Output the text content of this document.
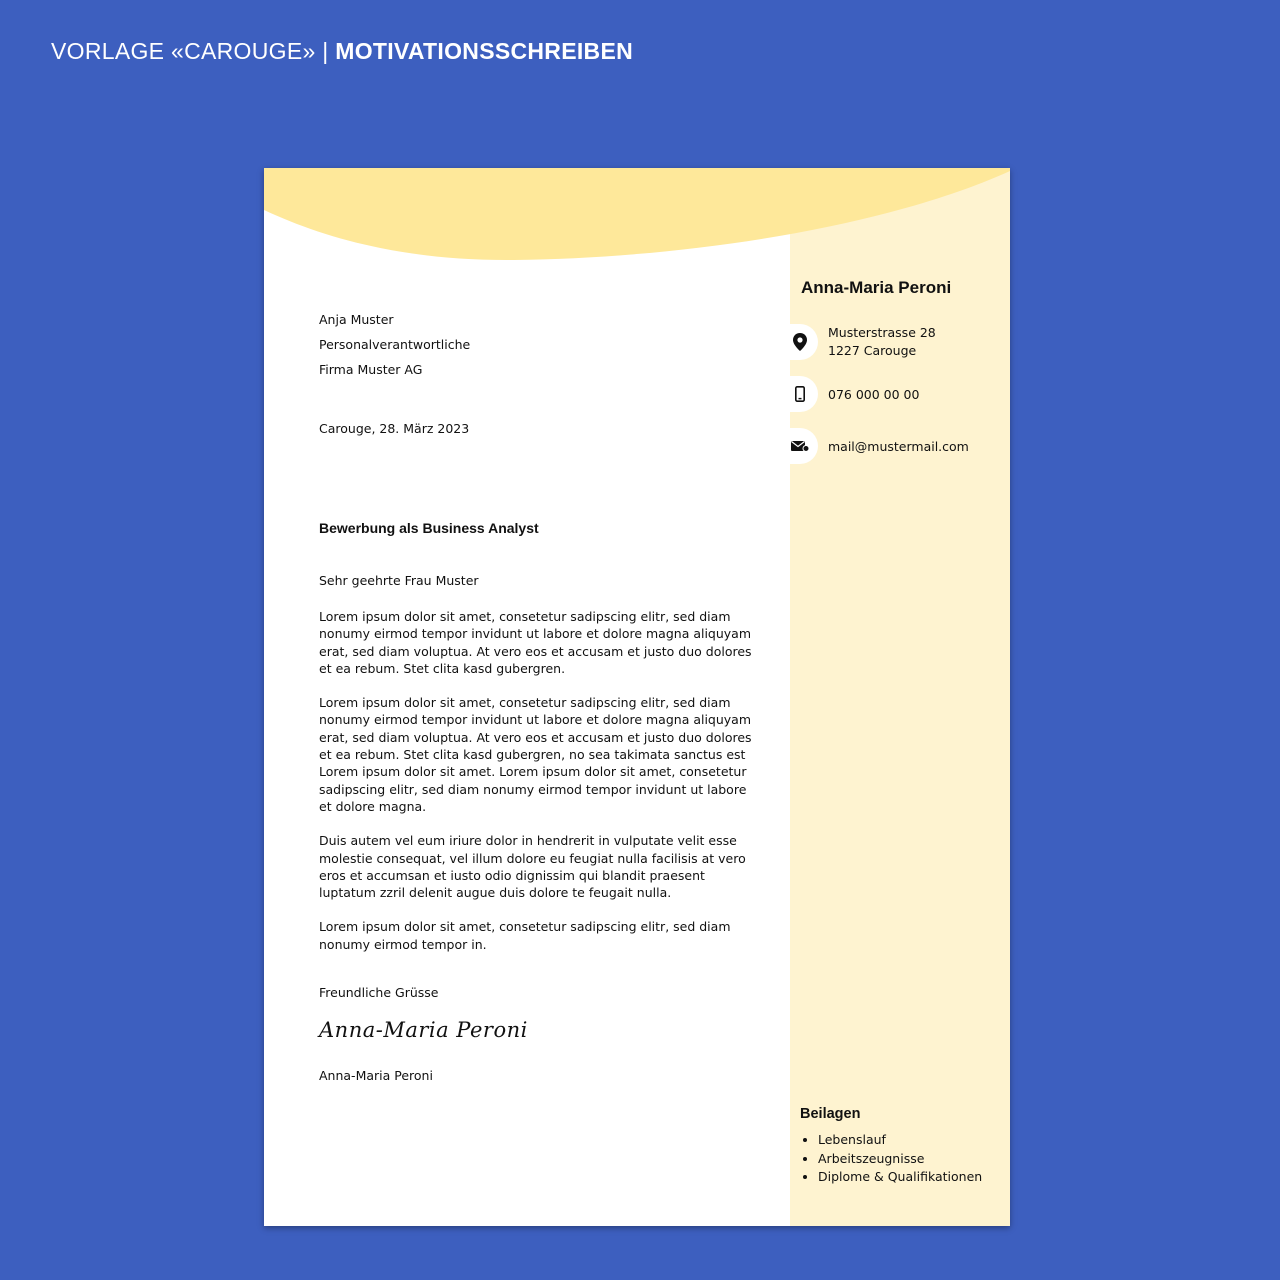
VORLAGE «CAROUGE» | MOTIVATIONSSCHREIBEN
Anja Muster
Personalverantwortliche
Firma Muster AG
Carouge, 28. März 2023
Bewerbung als Business Analyst
Sehr geehrte Frau Muster

Lorem ipsum dolor sit amet, consetetur sadipscing elitr, sed diam nonumy eirmod tempor invidunt ut labore et dolore magna aliquyam erat, sed diam voluptua. At vero eos et accusam et justo duo dolores et ea rebum. Stet clita kasd gubergren.

Lorem ipsum dolor sit amet, consetetur sadipscing elitr, sed diam nonumy eirmod tempor invidunt ut labore et dolore magna aliquyam erat, sed diam voluptua. At vero eos et accusam et justo duo dolores et ea rebum. Stet clita kasd gubergren, no sea takimata sanctus est Lorem ipsum dolor sit amet. Lorem ipsum dolor sit amet, consetetur sadipscing elitr, sed diam nonumy eirmod tempor invidunt ut labore et dolore magna.

Duis autem vel eum iriure dolor in hendrerit in vulputate velit esse molestie consequat, vel illum dolore eu feugiat nulla facilisis at vero eros et accumsan et iusto odio dignissim qui blandit praesent luptatum zzril delenit augue duis dolore te feugait nulla.

Lorem ipsum dolor sit amet, consetetur sadipscing elitr, sed diam nonumy eirmod tempor in.

Freundliche Grüsse
Anna-Maria Peroni
Anna-Maria Peroni
Anna-Maria Peroni
Musterstrasse 28
1227 Carouge
076 000 00 00
mail@mustermail.com
Beilagen
• Lebenslauf
• Arbeitszeugnisse
• Diplome & Qualifikationen
